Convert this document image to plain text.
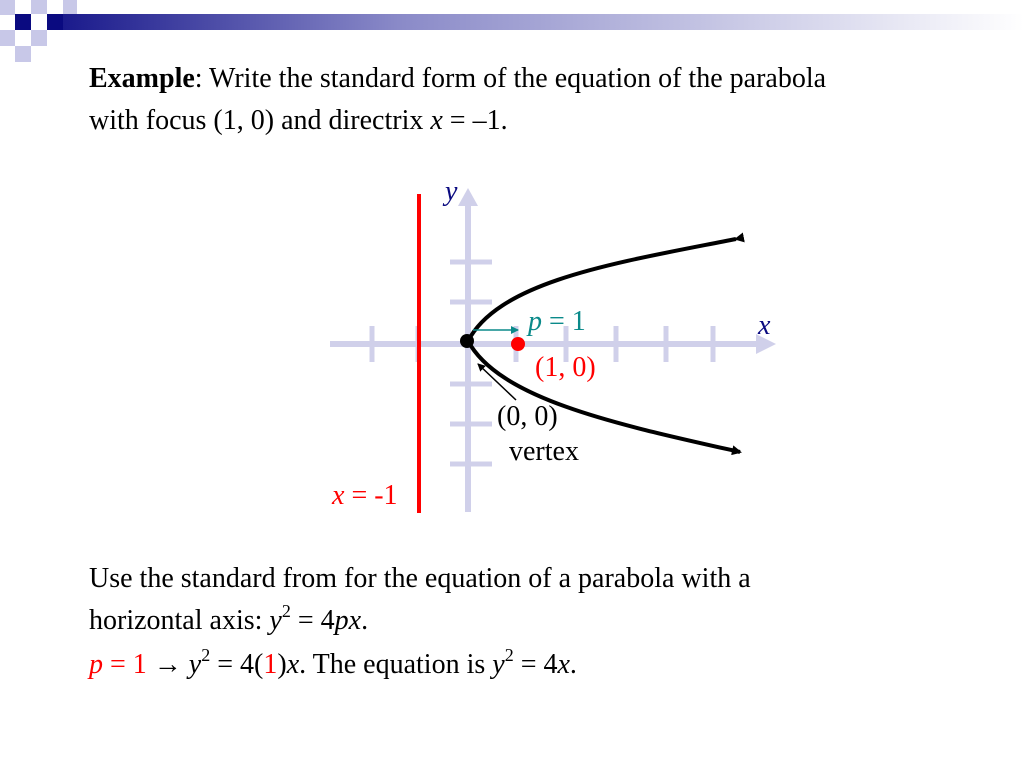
Example: Write the standard form of the equation of the parabola
with focus (1, 0) and directrix x = –1.
y
x
p = 1
(1, 0)
(0, 0)
vertex
x = -1
Use the standard from for the equation of a parabola with a
horizontal axis: $y^2 = 4px$.
$p = 1 \to y^2 = 4(1)x$. The equation is $y^2 = 4x$.
